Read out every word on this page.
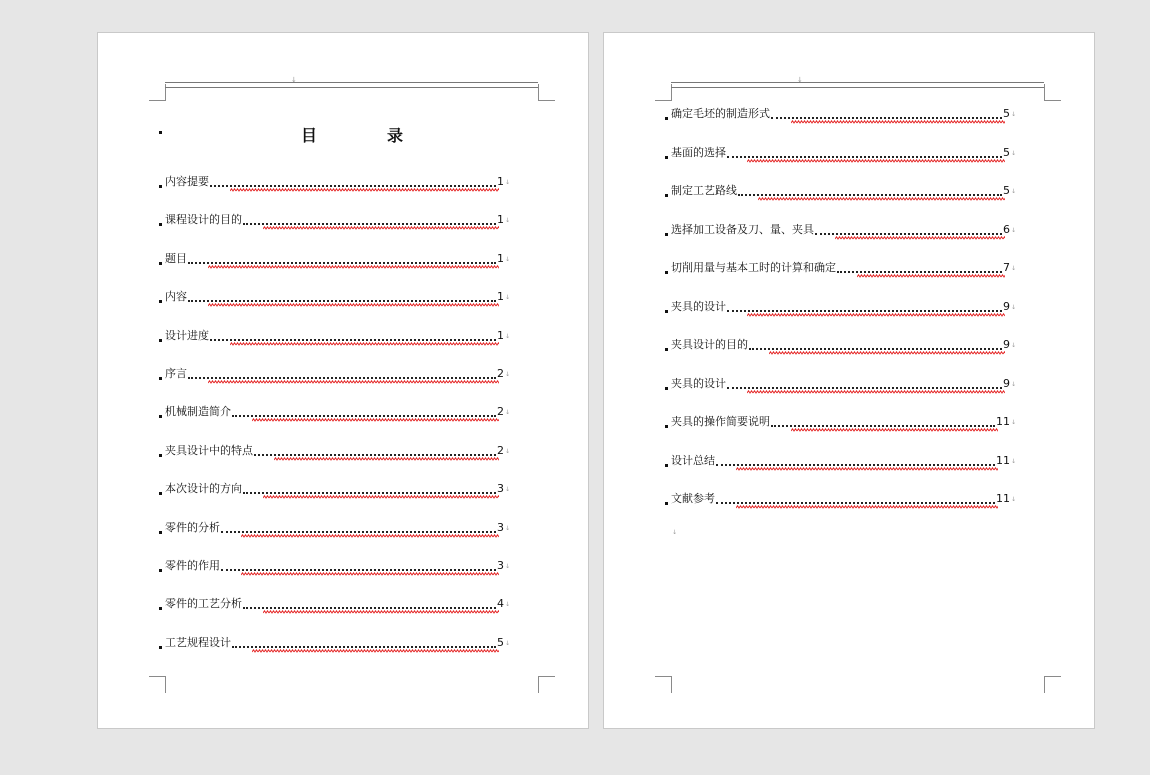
↓
目	录
内容提要	1 ↓
课程设计的目的	1 ↓
题目	1 ↓
内容	1 ↓
设计进度	1 ↓
序言	2 ↓
机械制造简介	2 ↓
夹具设计中的特点	2 ↓
本次设计的方向	3 ↓
零件的分析	3 ↓
零件的作用	3 ↓
零件的工艺分析	4 ↓
工艺规程设计	5 ↓
↓
确定毛坯的制造形式	5 ↓
基面的选择	5 ↓
制定工艺路线	5 ↓
选择加工设备及刀、量、夹具	6 ↓
切削用量与基本工时的计算和确定	7 ↓
夹具的设计	9 ↓
夹具设计的目的	9 ↓
夹具的设计	9 ↓
夹具的操作简要说明	11 ↓
设计总结	11 ↓
文献参考	11 ↓
↓
